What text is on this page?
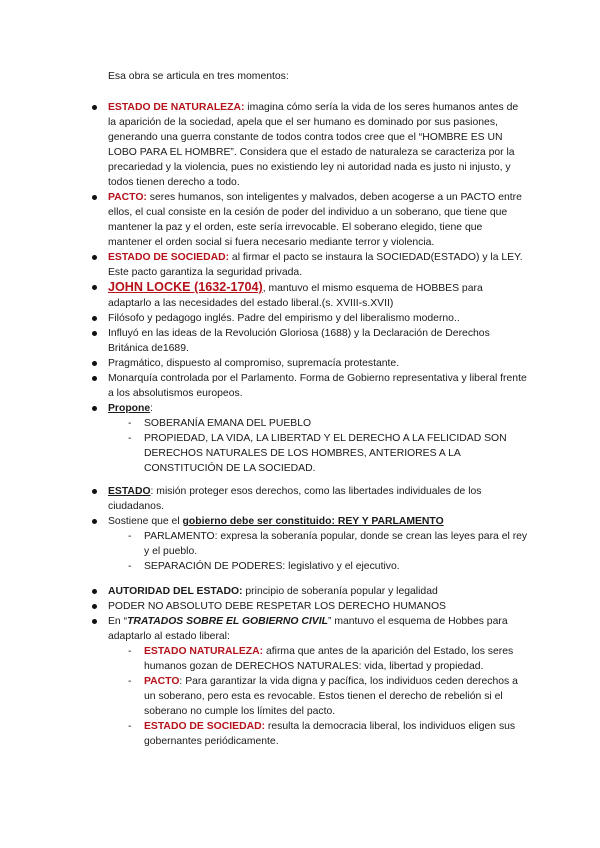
Esa obra se articula en tres momentos:
ESTADO DE NATURALEZA: imagina cómo sería la vida de los seres humanos antes de la aparición de la sociedad, apela que el ser humano es dominado por sus pasiones, generando una guerra constante de todos contra todos cree que el “HOMBRE ES UN LOBO PARA EL HOMBRE”. Considera que el estado de naturaleza se caracteriza por la precariedad y la violencia, pues no existiendo ley ni autoridad nada es justo ni injusto, y todos tienen derecho a todo.
PACTO: seres humanos, son inteligentes y malvados, deben acogerse a un PACTO entre ellos, el cual consiste en la cesión de poder del individuo a un soberano, que tiene que mantener la paz y el orden, este sería irrevocable. El soberano elegido, tiene que mantener el orden social si fuera necesario mediante terror y violencia.
ESTADO DE SOCIEDAD: al firmar el pacto se instaura la SOCIEDAD(ESTADO) y la LEY. Este pacto garantiza la seguridad privada.
JOHN LOCKE (1632-1704), mantuvo el mismo esquema de HOBBES para adaptarlo a las necesidades del estado liberal.(s. XVIII-s.XVII)
Filósofo y pedagogo inglés. Padre del empirismo y del liberalismo moderno..
Influyó en las ideas de la Revolución Gloriosa (1688) y la Declaración de Derechos Británica de1689.
Pragmático, dispuesto al compromiso, supremacía protestante.
Monarquía controlada por el Parlamento. Forma de Gobierno representativa y liberal frente a los absolutismos europeos.
Propone:
- SOBERANÍA EMANA DEL PUEBLO
- PROPIEDAD, LA VIDA, LA LIBERTAD Y EL DERECHO A LA FELICIDAD SON DERECHOS NATURALES DE LOS HOMBRES, ANTERIORES A LA CONSTITUCIÓN DE LA SOCIEDAD.
ESTADO: misión proteger esos derechos, como las libertades individuales de los ciudadanos.
Sostiene que el gobierno debe ser constituido: REY Y PARLAMENTO
- PARLAMENTO: expresa la soberanía popular, donde se crean las leyes para el rey y el pueblo.
- SEPARACIÓN DE PODERES: legislativo y el ejecutivo.
AUTORIDAD DEL ESTADO: principio de soberanía popular y legalidad
PODER NO ABSOLUTO DEBE RESPETAR LOS DERECHO HUMANOS
En “TRATADOS SOBRE EL GOBIERNO CIVIL” mantuvo el esquema de Hobbes para adaptarlo al estado liberal:
- ESTADO NATURALEZA: afirma que antes de la aparición del Estado, los seres humanos gozan de DERECHOS NATURALES: vida, libertad y propiedad.
- PACTO: Para garantizar la vida digna y pacífica, los individuos ceden derechos a un soberano, pero esta es revocable. Estos tienen el derecho de rebelión si el soberano no cumple los límites del pacto.
- ESTADO DE SOCIEDAD: resulta la democracia liberal, los individuos eligen sus gobernantes periódicamente.
